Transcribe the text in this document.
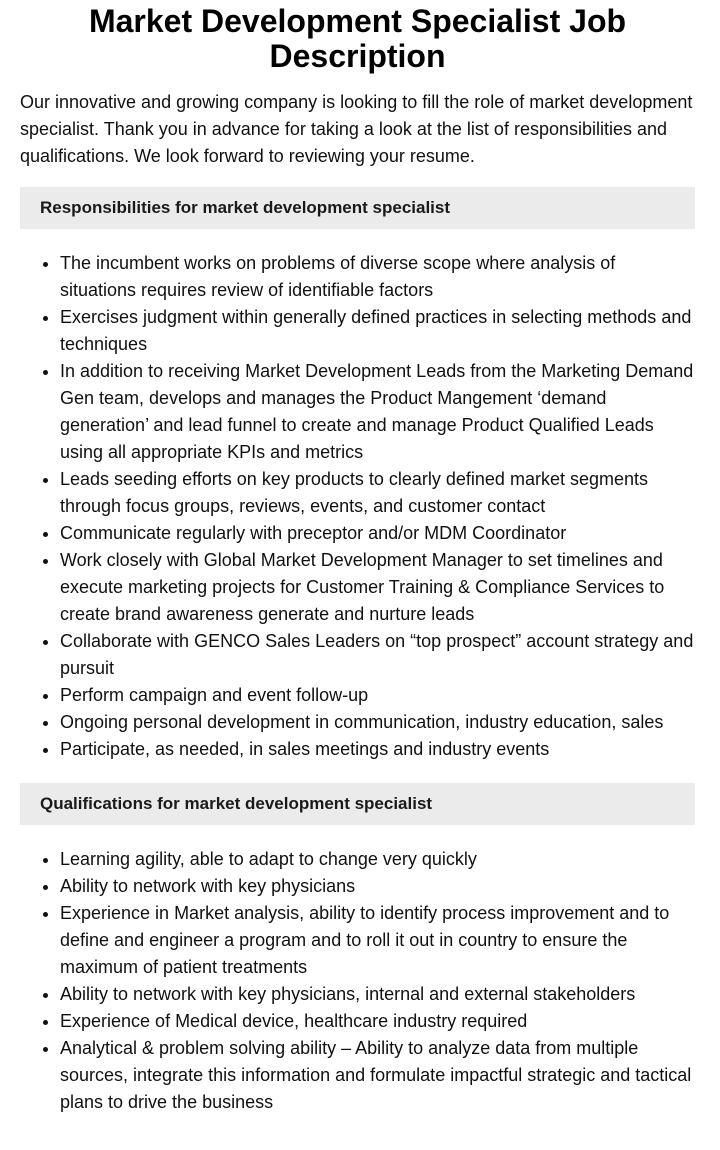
Market Development Specialist Job Description

Our innovative and growing company is looking to fill the role of market development specialist. Thank you in advance for taking a look at the list of responsibilities and qualifications. We look forward to reviewing your resume.

Responsibilities for market development specialist
• The incumbent works on problems of diverse scope where analysis of situations requires review of identifiable factors
• Exercises judgment within generally defined practices in selecting methods and techniques
• In addition to receiving Market Development Leads from the Marketing Demand Gen team, develops and manages the Product Mangement ‘demand generation’ and lead funnel to create and manage Product Qualified Leads using all appropriate KPIs and metrics
• Leads seeding efforts on key products to clearly defined market segments through focus groups, reviews, events, and customer contact
• Communicate regularly with preceptor and/or MDM Coordinator
• Work closely with Global Market Development Manager to set timelines and execute marketing projects for Customer Training & Compliance Services to create brand awareness generate and nurture leads
• Collaborate with GENCO Sales Leaders on “top prospect” account strategy and pursuit
• Perform campaign and event follow-up
• Ongoing personal development in communication, industry education, sales
• Participate, as needed, in sales meetings and industry events
Qualifications for market development specialist
• Learning agility, able to adapt to change very quickly
• Ability to network with key physicians
• Experience in Market analysis, ability to identify process improvement and to define and engineer a program and to roll it out in country to ensure the maximum of patient treatments
• Ability to network with key physicians, internal and external stakeholders
• Experience of Medical device, healthcare industry required
• Analytical & problem solving ability – Ability to analyze data from multiple sources, integrate this information and formulate impactful strategic and tactical plans to drive the business
